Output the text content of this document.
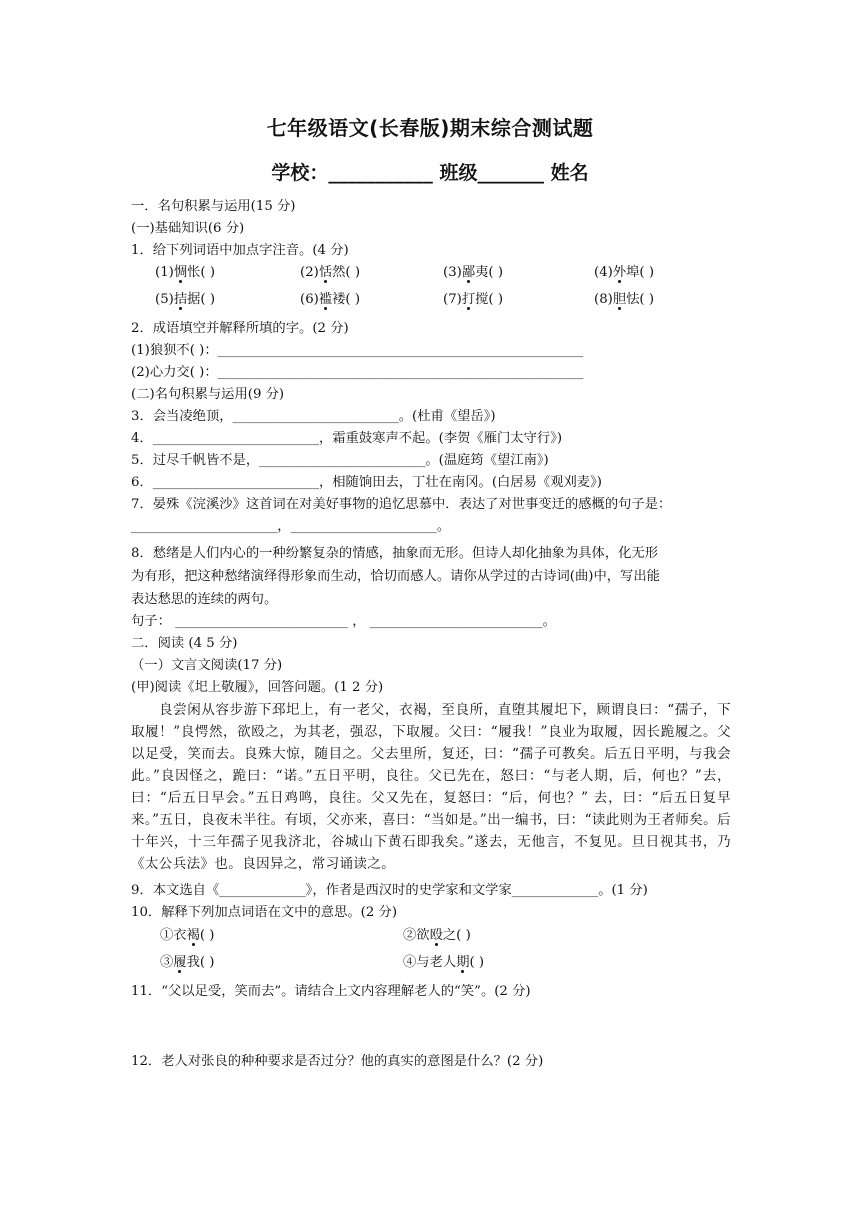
七年级语文(长春版)期末综合测试题
学校：___________ 班级_______ 姓名
一．名句积累与运用(15 分)
(一)基础知识(6 分)
1．给下列词语中加点字注音。(4 分)
(1)惆怅( )	(2)恬然( )	(3)鄙夷( )	(4)外埠( )
(5)拮据( )	(6)褴褛( )	(7)打搅( )	(8)胆怯( )
2．成语填空并解释所填的字。(2 分)
(1)狼狈不( )：_______________________________________________________
(2)心力交( )：_______________________________________________________
(二)名句积累与运用(9 分)
3．会当凌绝顶，_________________________。(杜甫《望岳》)
4．_________________________，霜重鼓寒声不起。(李贺《雁门太守行》)
5．过尽千帆皆不是，_________________________。(温庭筠《望江南》)
6．_________________________，相随饷田去，丁壮在南冈。(白居易《观刈麦》)
7．晏殊《浣溪沙》这首词在对美好事物的追忆思慕中．表达了对世事变迁的感概的句子是：
______________________，______________________。
8．愁绪是人们内心的一种纷繁复杂的情感，抽象而无形。但诗人却化抽象为具体，化无形
为有形，把这种愁绪演绎得形象而生动，恰切而感人。请你从学过的古诗词(曲)中，写出能
表达愁思的连续的两句。
句子： __________________________ ， __________________________。
二．阅读 (4 5 分)
（一）文言文阅读(17 分)
(甲)阅读《圯上敬履》，回答问题。(1 2 分)
良尝闲从容步游下邳圯上，有一老父，衣褐，至良所，直堕其履圯下，顾谓良曰：“孺子，下取履！”良愕然，欲殴之，为其老，强忍，下取履。父曰：“履我！”良业为取履，因长跪履之。父以足受，笑而去。良殊大惊，随目之。父去里所，复还，曰：“孺子可教矣。后五日平明，与我会此。”良因怪之，跪曰：“诺。”五日平明，良往。父已先在，怒曰：“与老人期，后，何也？”去，曰：“后五日早会。”五日鸡鸣，良往。父又先在，复怒曰：“后，何也？” 去，曰：“后五日复早来。”五日，良夜未半往。有顷，父亦来，喜曰：“当如是。”出一编书，曰：“读此则为王者师矣。后十年兴，十三年孺子见我济北，谷城山下黄石即我矣。”遂去，无他言，不复见。旦日视其书，乃《太公兵法》也。良因异之，常习诵读之。
9．本文选自《_____________》，作者是西汉时的史学家和文学家_____________。(1 分)
10．解释下列加点词语在文中的意思。(2 分)
①衣褐( )	②欲殴之( )
③履我( )	④与老人期( )
11．“父以足受，笑而去”。请结合上文内容理解老人的“笑”。(2 分)
12．老人对张良的种种要求是否过分？他的真实的意图是什么？(2 分)
